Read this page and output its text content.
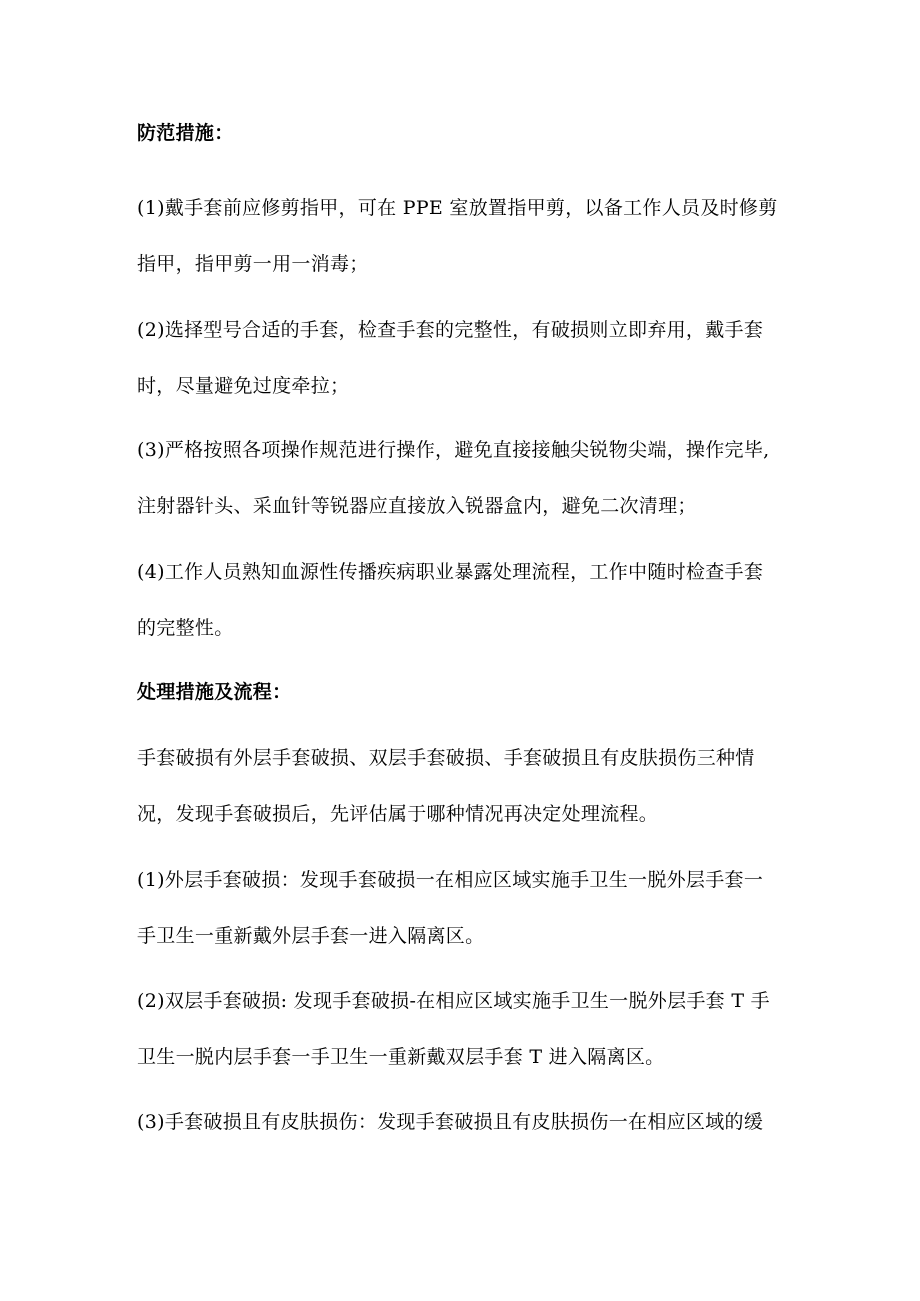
防范措施：
(1)戴手套前应修剪指甲，可在 PPE 室放置指甲剪，以备工作人员及时修剪
指甲，指甲剪一用一消毒；
(2)选择型号合适的手套，检查手套的完整性，有破损则立即弃用，戴手套
时，尽量避免过度牵拉；
(3)严格按照各项操作规范进行操作，避免直接接触尖锐物尖端，操作完毕,
注射器针头、采血针等锐器应直接放入锐器盒内，避免二次清理；
(4)工作人员熟知血源性传播疾病职业暴露处理流程，工作中随时检查手套
的完整性。
处理措施及流程：
手套破损有外层手套破损、双层手套破损、手套破损且有皮肤损伤三种情
况，发现手套破损后，先评估属于哪种情况再决定处理流程。
(1)外层手套破损：发现手套破损一在相应区域实施手卫生一脱外层手套一
手卫生一重新戴外层手套一进入隔离区。
(2)双层手套破损: 发现手套破损-在相应区域实施手卫生一脱外层手套 T 手
卫生一脱内层手套一手卫生一重新戴双层手套 T 进入隔离区。
(3)手套破损且有皮肤损伤：发现手套破损且有皮肤损伤一在相应区域的缓
